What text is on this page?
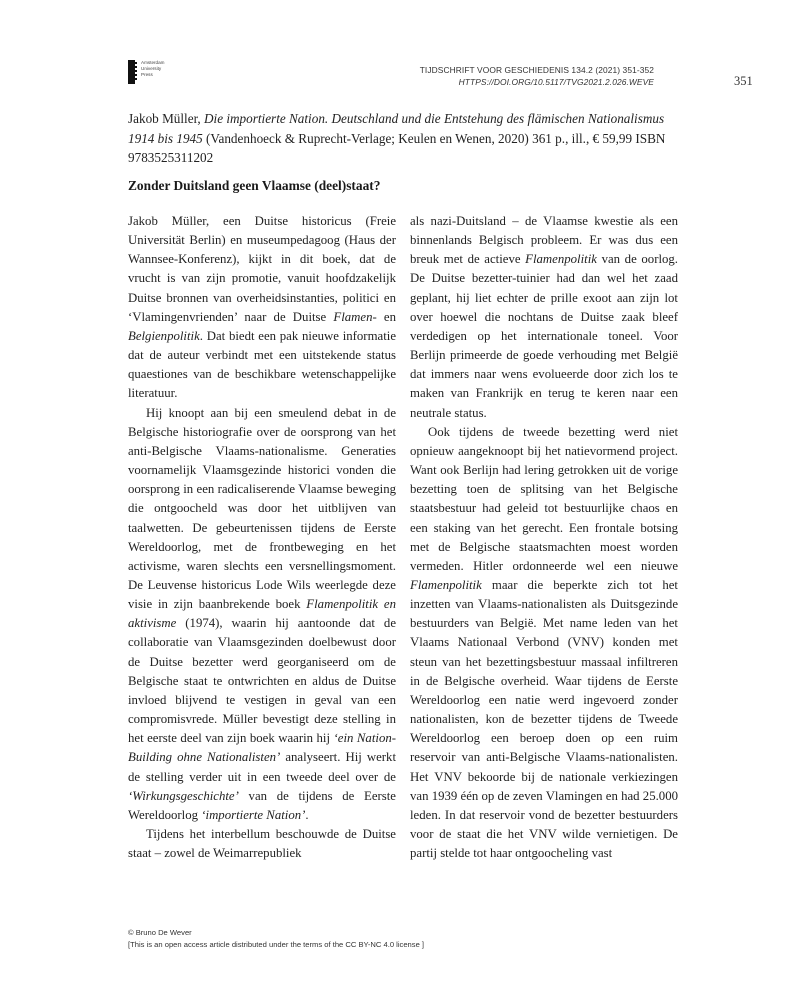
Amsterdam
University
Press	TIJDSCHRIFT VOOR GESCHIEDENIS 134.2 (2021) 351-352
HTTPS://DOI.ORG/10.5117/TVG2021.2.026.WEVE	351
Jakob Müller, Die importierte Nation. Deutschland und die Entstehung des flämischen Nationalismus 1914 bis 1945 (Vandenhoeck & Ruprecht-Verlage; Keulen en Wenen, 2020) 361 p., ill., € 59,99 ISBN 9783525311202
Zonder Duitsland geen Vlaamse (deel)staat?

Jakob Müller, een Duitse historicus (Freie Universität Berlin) en museumpedagoog (Haus der Wannsee-Konferenz), kijkt in dit boek, dat de vrucht is van zijn promotie, vanuit hoofdzakelijk Duitse bronnen van overheidsinstanties, politici en ‘Vlamingenvrienden’ naar de Duitse Flamen- en Belgienpolitik. Dat biedt een pak nieuwe informatie dat de auteur verbindt met een uitstekende status quaestiones van de beschikbare wetenschappelijke literatuur.

Hij knoopt aan bij een smeulend debat in de Belgische historiografie over de oorsprong van het anti-Belgische Vlaams-nationalisme. Generaties voornamelijk Vlaamsgezinde historici vonden die oorsprong in een radicaliserende Vlaamse beweging die ontgoocheld was door het uitblijven van taalwetten. De gebeurtenissen tijdens de Eerste Wereldoorlog, met de frontbeweging en het activisme, waren slechts een versnellingsmoment. De Leuvense historicus Lode Wils weerlegde deze visie in zijn baanbrekende boek Flamenpolitik en aktivisme (1974), waarin hij aantoonde dat de collaboratie van Vlaamsgezinden doelbewust door de Duitse bezetter werd georganiseerd om de Belgische staat te ontwrichten en aldus de Duitse invloed blijvend te vestigen in geval van een compromisvrede. Müller bevestigt deze stelling in het eerste deel van zijn boek waarin hij ‘ein Nation-Building ohne Nationalisten’ analyseert. Hij werkt de stelling verder uit in een tweede deel over de ‘Wirkungsgeschichte’ van de tijdens de Eerste Wereldoorlog ‘importierte Nation’.

Tijdens het interbellum beschouwde de Duitse staat – zowel de Weimarrepubliek

als nazi-Duitsland – de Vlaamse kwestie als een binnenlands Belgisch probleem. Er was dus een breuk met de actieve Flamenpolitik van de oorlog. De Duitse bezetter-tuinier had dan wel het zaad geplant, hij liet echter de prille exoot aan zijn lot over hoewel die nochtans de Duitse zaak bleef verdedigen op het internationale toneel. Voor Berlijn primeerde de goede verhouding met België dat immers naar wens evolueerde door zich los te maken van Frankrijk en terug te keren naar een neutrale status.

Ook tijdens de tweede bezetting werd niet opnieuw aangeknoopt bij het natievormend project. Want ook Berlijn had lering getrokken uit de vorige bezetting toen de splitsing van het Belgische staatsbestuur had geleid tot bestuurlijke chaos en een staking van het gerecht. Een frontale botsing met de Belgische staatsmachten moest worden vermeden. Hitler ordonneerde wel een nieuwe Flamenpolitik maar die beperkte zich tot het inzetten van Vlaams-nationalisten als Duitsgezinde bestuurders van België. Met name leden van het Vlaams Nationaal Verbond (VNV) konden met steun van het bezettingsbestuur massaal infiltreren in de Belgische overheid. Waar tijdens de Eerste Wereldoorlog een natie werd ingevoerd zonder nationalisten, kon de bezetter tijdens de Tweede Wereldoorlog een beroep doen op een ruim reservoir van anti-Belgische Vlaams-nationalisten. Het VNV bekoorde bij de nationale verkiezingen van 1939 één op de zeven Vlamingen en had 25.000 leden. In dat reservoir vond de bezetter bestuurders voor de staat die het VNV wilde vernietigen. De partij stelde tot haar ontgoocheling vast

© Bruno De Wever
[This is an open access article distributed under the terms of the CC BY-NC 4.0 license ]
